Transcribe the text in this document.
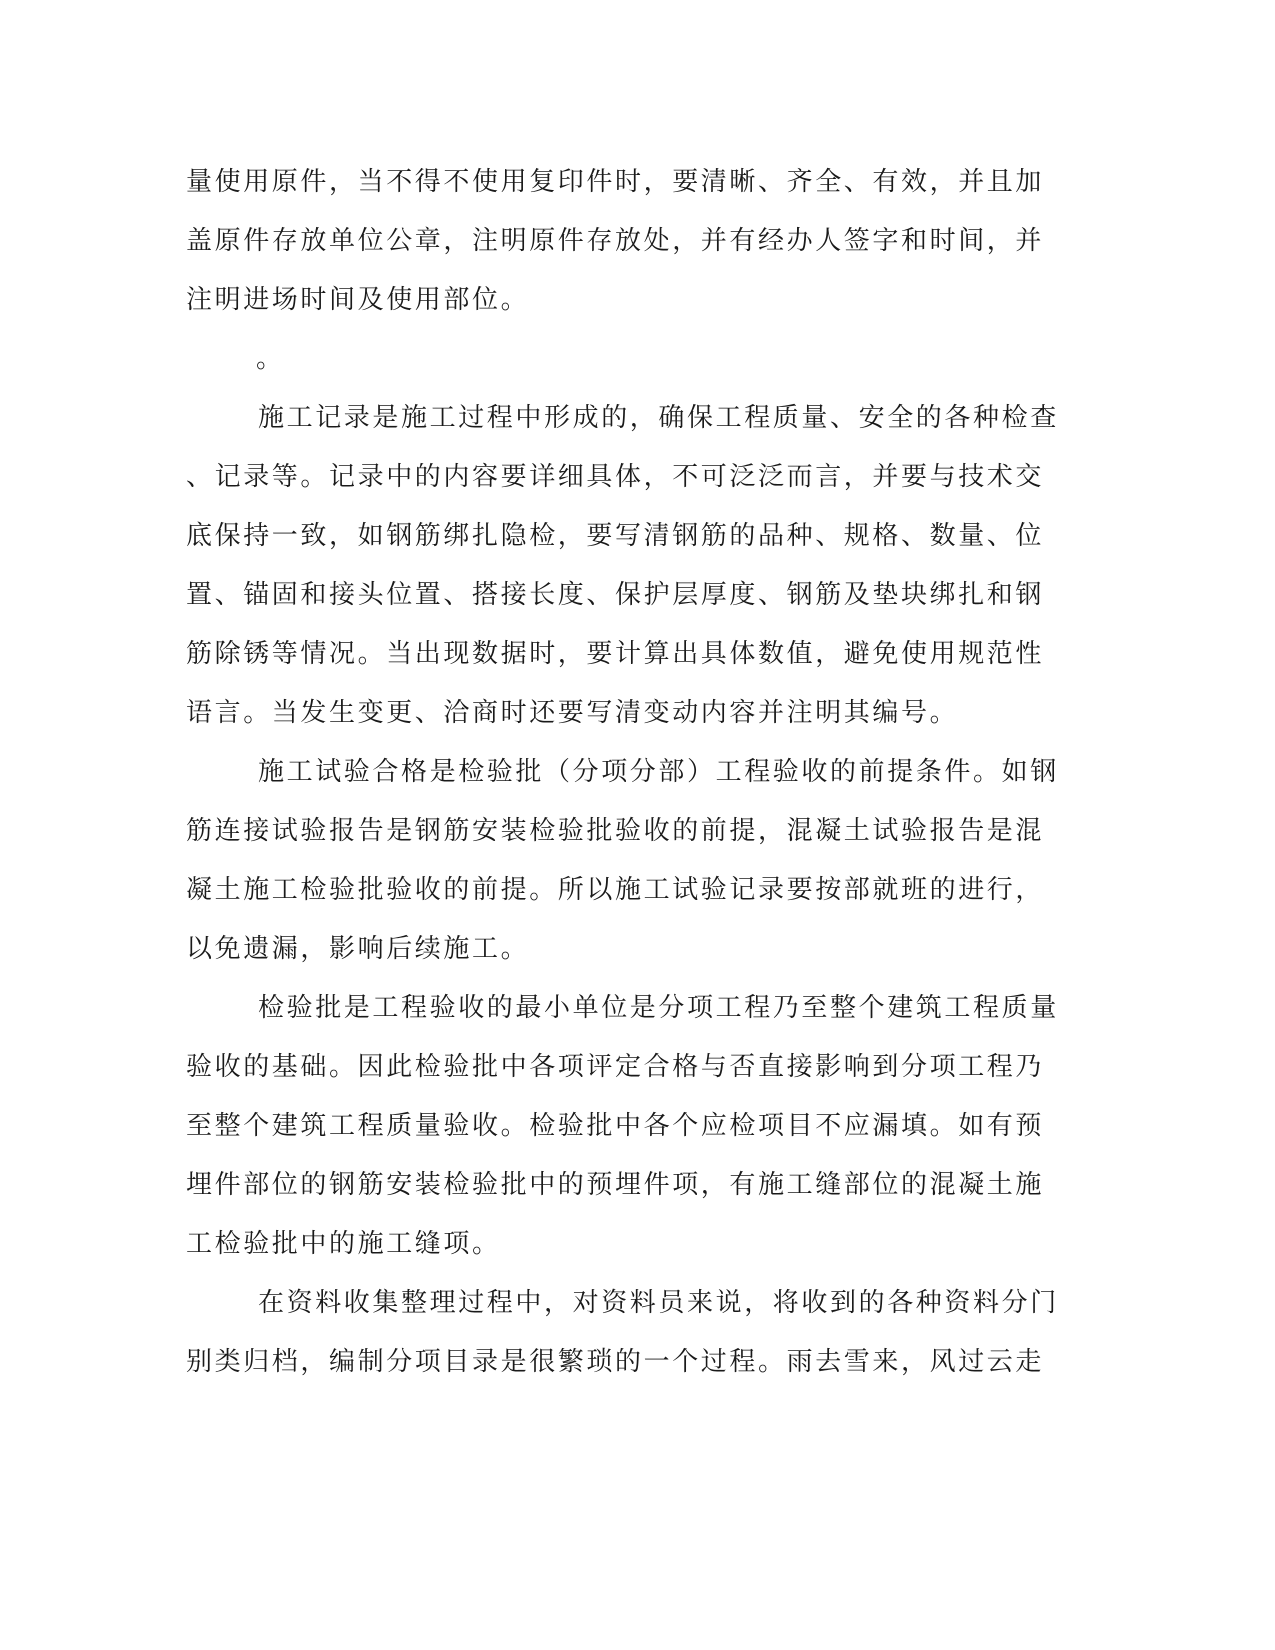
量使用原件，当不得不使用复印件时，要清晰、齐全、有效，并且加
盖原件存放单位公章，注明原件存放处，并有经办人签字和时间，并
注明进场时间及使用部位。
。
施工记录是施工过程中形成的，确保工程质量、安全的各种检查
、记录等。记录中的内容要详细具体，不可泛泛而言，并要与技术交
底保持一致，如钢筋绑扎隐检，要写清钢筋的品种、规格、数量、位
置、锚固和接头位置、搭接长度、保护层厚度、钢筋及垫块绑扎和钢
筋除锈等情况。当出现数据时，要计算出具体数值，避免使用规范性
语言。当发生变更、洽商时还要写清变动内容并注明其编号。
施工试验合格是检验批（分项分部）工程验收的前提条件。如钢
筋连接试验报告是钢筋安装检验批验收的前提，混凝土试验报告是混
凝土施工检验批验收的前提。所以施工试验记录要按部就班的进行，
以免遗漏，影响后续施工。
检验批是工程验收的最小单位是分项工程乃至整个建筑工程质量
验收的基础。因此检验批中各项评定合格与否直接影响到分项工程乃
至整个建筑工程质量验收。检验批中各个应检项目不应漏填。如有预
埋件部位的钢筋安装检验批中的预埋件项，有施工缝部位的混凝土施
工检验批中的施工缝项。
在资料收集整理过程中，对资料员来说，将收到的各种资料分门
别类归档，编制分项目录是很繁琐的一个过程。雨去雪来，风过云走
